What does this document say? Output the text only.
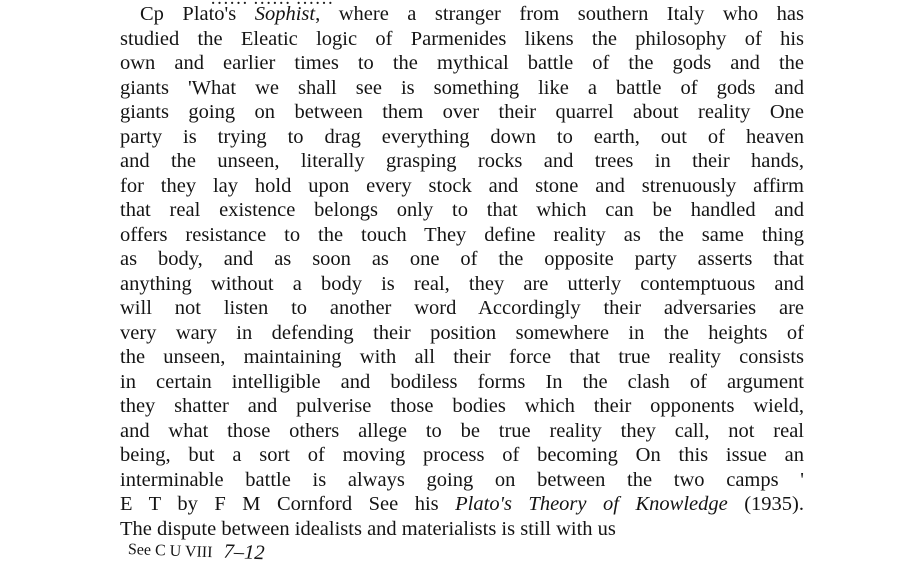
Cp Plato's Sophist, where a stranger from southern Italy who has
studied the Eleatic logic of Parmenides likens the philosophy of his
own and earlier times to the mythical battle of the gods and the
giants 'What we shall see is something like a battle of gods and
giants going on between them over their quarrel about reality One
party is trying to drag everything down to earth, out of heaven
and the unseen, literally grasping rocks and trees in their hands,
for they lay hold upon every stock and stone and strenuously affirm
that real existence belongs only to that which can be handled and
offers resistance to the touch They define reality as the same thing
as body, and as soon as one of the opposite party asserts that
anything without a body is real, they are utterly contemptuous and
will not listen to another word Accordingly their adversaries are
very wary in defending their position somewhere in the heights of
the unseen, maintaining with all their force that true reality consists
in certain intelligible and bodiless forms In the clash of argument
they shatter and pulverise those bodies which their opponents wield,
and what those others allege to be true reality they call, not real
being, but a sort of moving process of becoming On this issue an
interminable battle is always going on between the two camps '
E T by F M Cornford See his Plato's Theory of Knowledge (1935).
The dispute between idealists and materialists is still with us
See C U VIII 7–12
